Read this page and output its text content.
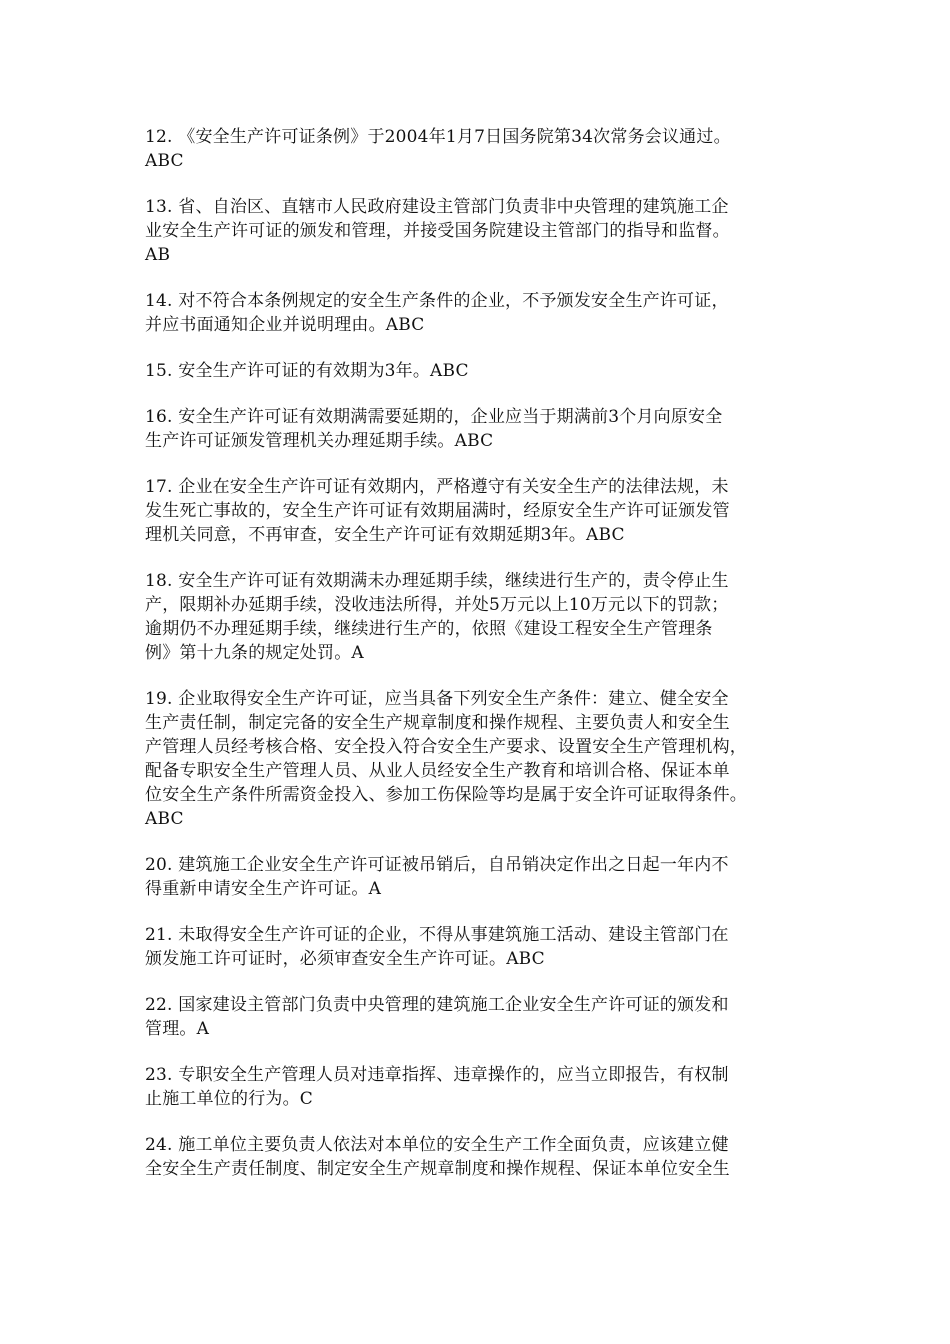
12. 《安全生产许可证条例》于2004年1月7日国务院第34次常务会议通过。
ABC
13. 省、自治区、直辖市人民政府建设主管部门负责非中央管理的建筑施工企
业安全生产许可证的颁发和管理，并接受国务院建设主管部门的指导和监督。
AB
14. 对不符合本条例规定的安全生产条件的企业，不予颁发安全生产许可证，
并应书面通知企业并说明理由。ABC
15. 安全生产许可证的有效期为3年。ABC
16. 安全生产许可证有效期满需要延期的，企业应当于期满前3个月向原安全
生产许可证颁发管理机关办理延期手续。ABC
17. 企业在安全生产许可证有效期内，严格遵守有关安全生产的法律法规，未
发生死亡事故的，安全生产许可证有效期届满时，经原安全生产许可证颁发管
理机关同意，不再审查，安全生产许可证有效期延期3年。ABC
18. 安全生产许可证有效期满未办理延期手续，继续进行生产的，责令停止生
产，限期补办延期手续，没收违法所得，并处5万元以上10万元以下的罚款；
逾期仍不办理延期手续，继续进行生产的，依照《建设工程安全生产管理条
例》第十九条的规定处罚。A
19. 企业取得安全生产许可证，应当具备下列安全生产条件：建立、健全安全
生产责任制，制定完备的安全生产规章制度和操作规程、主要负责人和安全生
产管理人员经考核合格、安全投入符合安全生产要求、设置安全生产管理机构，
配备专职安全生产管理人员、从业人员经安全生产教育和培训合格、保证本单
位安全生产条件所需资金投入、参加工伤保险等均是属于安全许可证取得条件。
ABC
20. 建筑施工企业安全生产许可证被吊销后，自吊销决定作出之日起一年内不
得重新申请安全生产许可证。A
21. 未取得安全生产许可证的企业，不得从事建筑施工活动、建设主管部门在
颁发施工许可证时，必须审查安全生产许可证。ABC
22. 国家建设主管部门负责中央管理的建筑施工企业安全生产许可证的颁发和
管理。A
23. 专职安全生产管理人员对违章指挥、违章操作的，应当立即报告，有权制
止施工单位的行为。C
24. 施工单位主要负责人依法对本单位的安全生产工作全面负责，应该建立健
全安全生产责任制度、制定安全生产规章制度和操作规程、保证本单位安全生
